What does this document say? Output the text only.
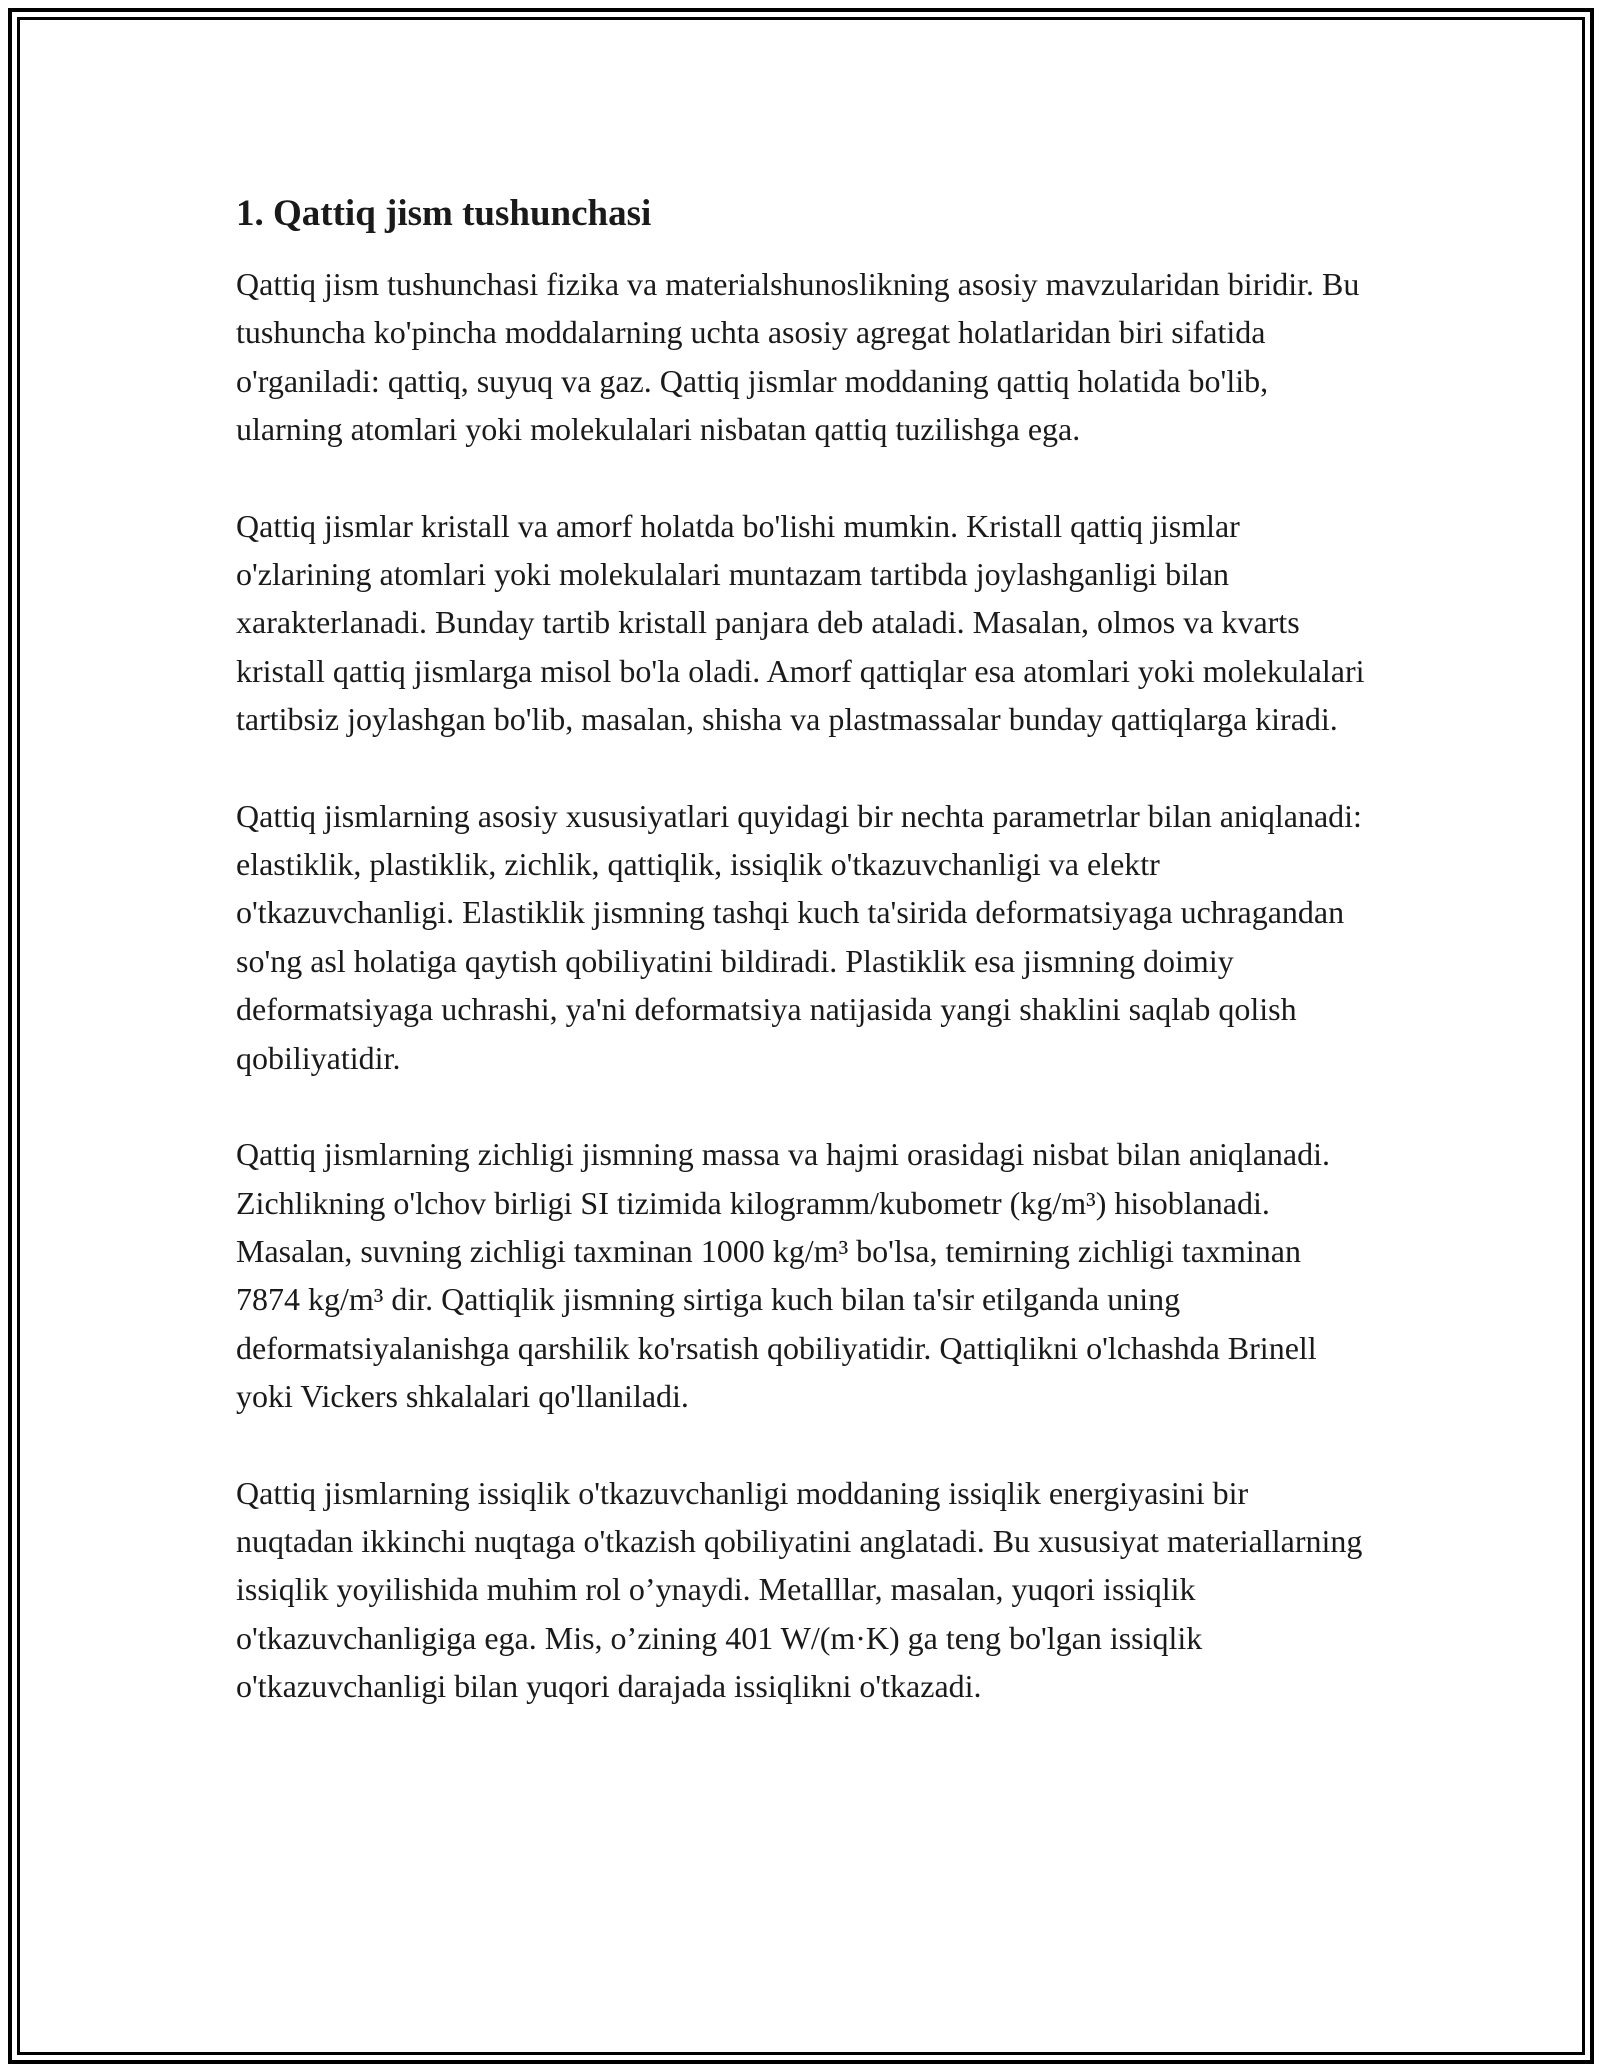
1. Qattiq jism tushunchasi

Qattiq jism tushunchasi fizika va materialshunoslikning asosiy mavzularidan biridir. Bu tushuncha ko'pincha moddalarning uchta asosiy agregat holatlaridan biri sifatida o'rganiladi: qattiq, suyuq va gaz. Qattiq jismlar moddaning qattiq holatida bo'lib, ularning atomlari yoki molekulalari nisbatan qattiq tuzilishga ega.

Qattiq jismlar kristall va amorf holatda bo'lishi mumkin. Kristall qattiq jismlar o'zlarining atomlari yoki molekulalari muntazam tartibda joylashganligi bilan xarakterlanadi. Bunday tartib kristall panjara deb ataladi. Masalan, olmos va kvarts kristall qattiq jismlarga misol bo'la oladi. Amorf qattiqlar esa atomlari yoki molekulalari tartibsiz joylashgan bo'lib, masalan, shisha va plastmassalar bunday qattiqlarga kiradi.

Qattiq jismlarning asosiy xususiyatlari quyidagi bir nechta parametrlar bilan aniqlanadi: elastiklik, plastiklik, zichlik, qattiqlik, issiqlik o'tkazuvchanligi va elektr o'tkazuvchanligi. Elastiklik jismning tashqi kuch ta'sirida deformatsiyaga uchragandan so'ng asl holatiga qaytish qobiliyatini bildiradi. Plastiklik esa jismning doimiy deformatsiyaga uchrashi, ya'ni deformatsiya natijasida yangi shaklini saqlab qolish qobiliyatidir.

Qattiq jismlarning zichligi jismning massa va hajmi orasidagi nisbat bilan aniqlanadi. Zichlikning o'lchov birligi SI tizimida kilogramm/kubometr (kg/m³) hisoblanadi. Masalan, suvning zichligi taxminan 1000 kg/m³ bo'lsa, temirning zichligi taxminan 7874 kg/m³ dir. Qattiqlik jismning sirtiga kuch bilan ta'sir etilganda uning deformatsiyalanishga qarshilik ko'rsatish qobiliyatidir. Qattiqlikni o'lchashda Brinell yoki Vickers shkalalari qo'llaniladi.

Qattiq jismlarning issiqlik o'tkazuvchanligi moddaning issiqlik energiyasini bir nuqtadan ikkinchi nuqtaga o'tkazish qobiliyatini anglatadi. Bu xususiyat materiallarning issiqlik yoyilishida muhim rol o’ynaydi. Metalllar, masalan, yuqori issiqlik o'tkazuvchanligiga ega. Mis, o’zining 401 W/(m·K) ga teng bo'lgan issiqlik o'tkazuvchanligi bilan yuqori darajada issiqlikni o'tkazadi.
